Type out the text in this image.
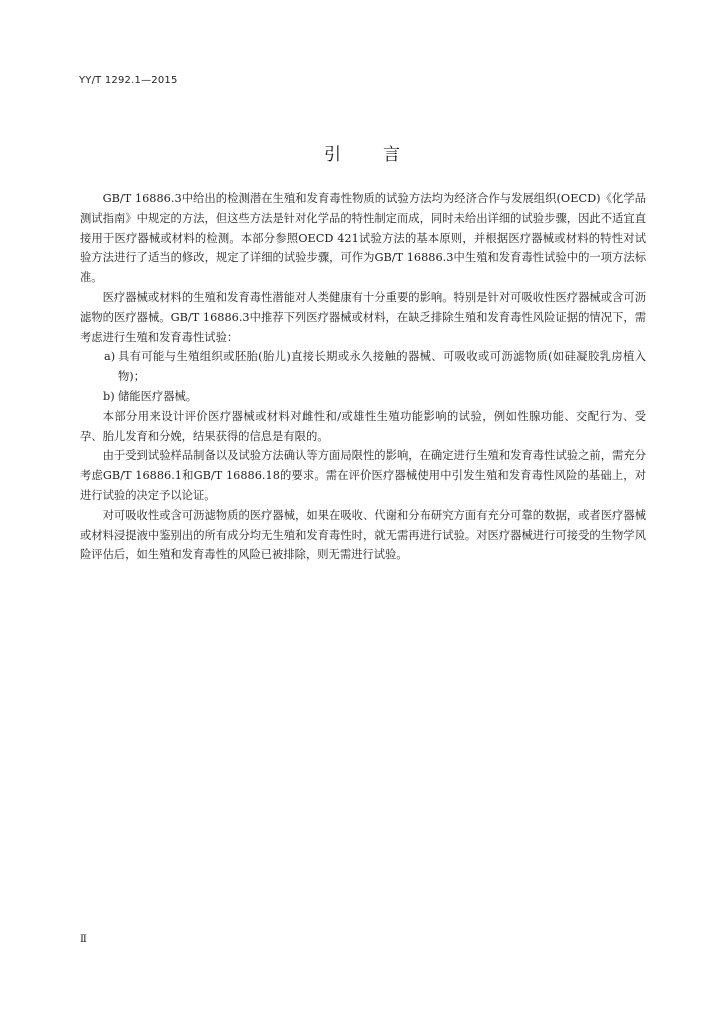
YY/T 1292.1—2015
引言

GB/T 16886.3中给出的检测潜在生殖和发育毒性物质的试验方法均为经济合作与发展组织(OECD)《化学品测试指南》中规定的方法，但这些方法是针对化学品的特性制定而成，同时未给出详细的试验步骤，因此不适宜直接用于医疗器械或材料的检测。本部分参照OECD 421试验方法的基本原则，并根据医疗器械或材料的特性对试验方法进行了适当的修改，规定了详细的试验步骤，可作为GB/T 16886.3中生殖和发育毒性试验中的一项方法标准。

医疗器械或材料的生殖和发育毒性潜能对人类健康有十分重要的影响。特别是针对可吸收性医疗器械或含可沥滤物的医疗器械。GB/T 16886.3中推荐下列医疗器械或材料，在缺乏排除生殖和发育毒性风险证据的情况下，需考虑进行生殖和发育毒性试验：

a) 具有可能与生殖组织或胚胎(胎儿)直接长期或永久接触的器械、可吸收或可沥滤物质(如硅凝胶乳房植入物)；
b) 储能医疗器械。

本部分用来设计评价医疗器械或材料对雌性和/或雄性生殖功能影响的试验，例如性腺功能、交配行为、受孕、胎儿发育和分娩，结果获得的信息是有限的。

由于受到试验样品制备以及试验方法确认等方面局限性的影响，在确定进行生殖和发育毒性试验之前，需充分考虑GB/T 16886.1和GB/T 16886.18的要求。需在评价医疗器械使用中引发生殖和发育毒性风险的基础上，对进行试验的决定予以论证。

对可吸收性或含可沥滤物质的医疗器械，如果在吸收、代谢和分布研究方面有充分可靠的数据，或者医疗器械或材料浸提液中鉴别出的所有成分均无生殖和发育毒性时，就无需再进行试验。对医疗器械进行可接受的生物学风险评估后，如生殖和发育毒性的风险已被排除，则无需进行试验。

Ⅱ
